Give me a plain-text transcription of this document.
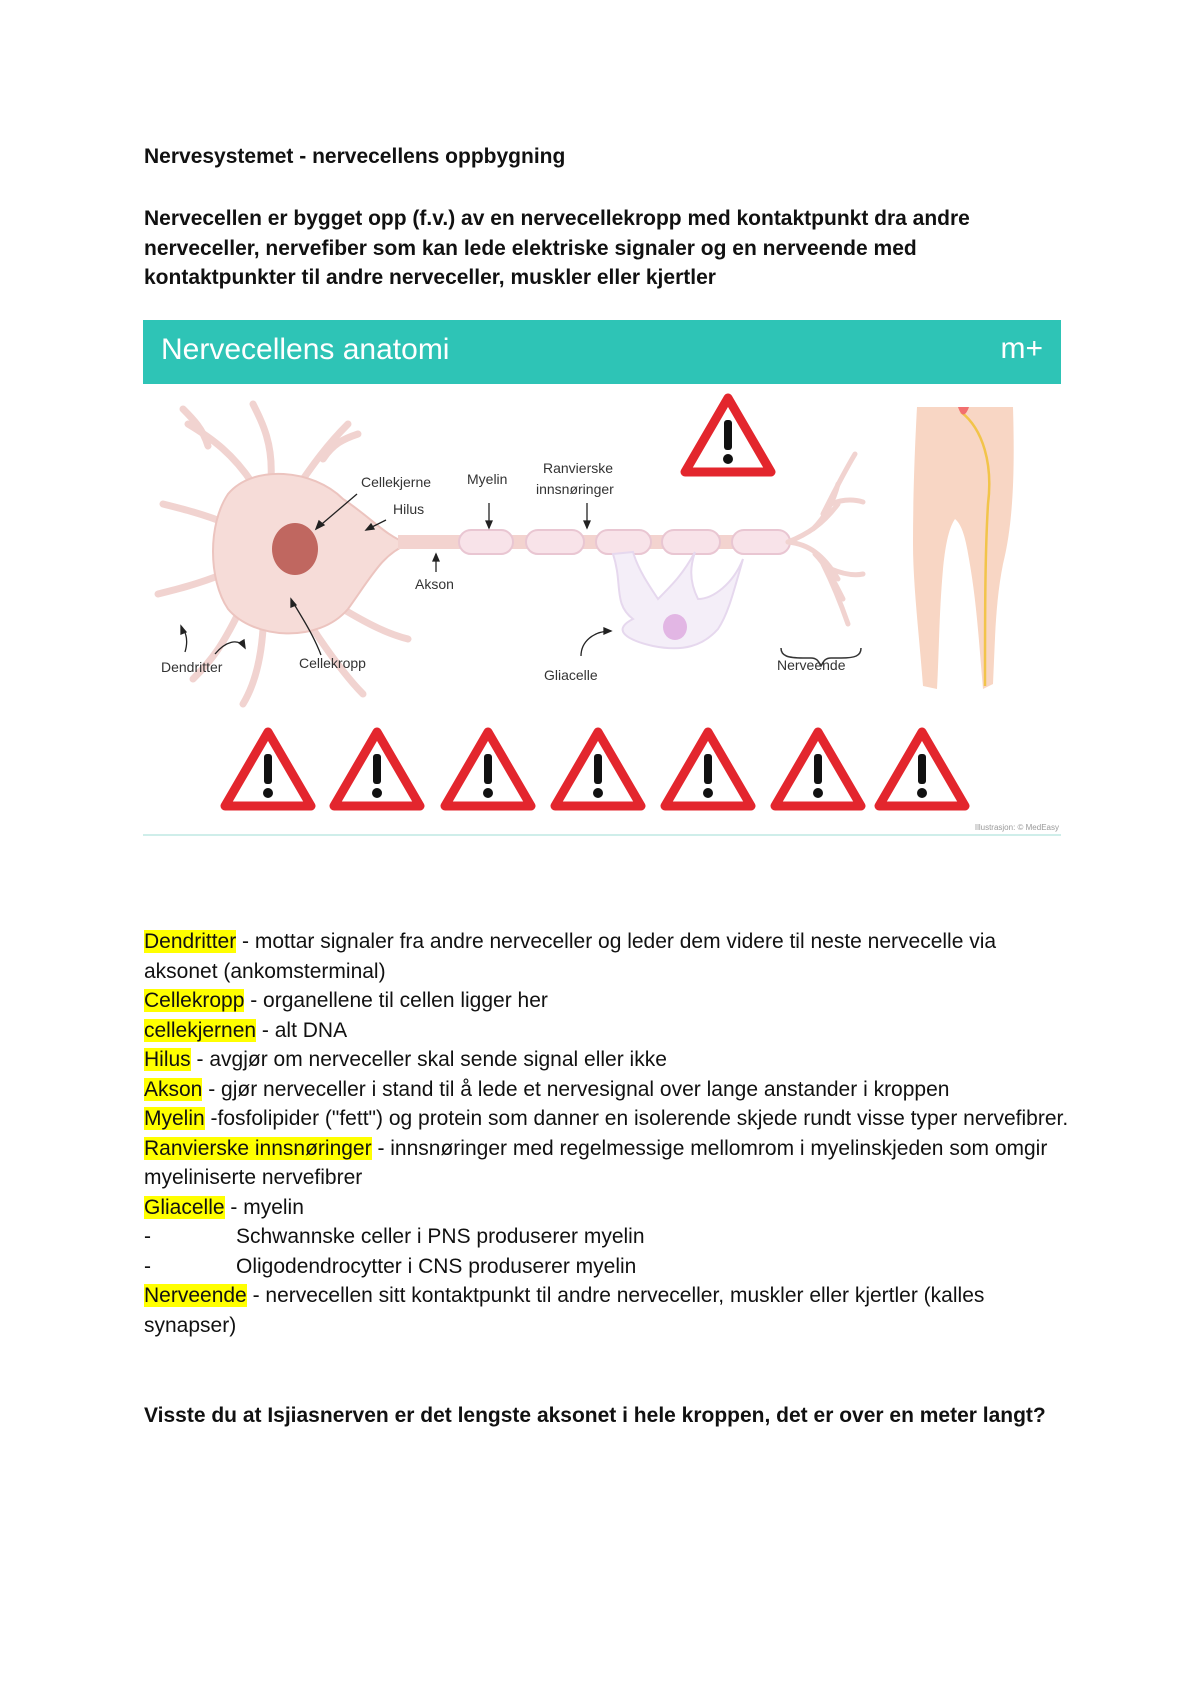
Nervesystemet - nervecellens oppbygning
Nervecellen er bygget opp (f.v.) av en nervecellekropp med kontaktpunkt dra andre nerveceller, nervefiber som kan lede elektriske signaler og en nerveende med kontaktpunkter til andre nerveceller, muskler eller kjertler
Nervecellens anatomi	m+
Cellekjerne
Hilus
Myelin
Ranvierske
innsnøringer
Akson
Dendritter	Cellekropp
Gliacelle
Nerveende
Illustrasjon: © MedEasy

Dendritter - mottar signaler fra andre nerveceller og leder dem videre til neste nervecelle via aksonet (ankomsterminal)

Cellekropp - organellene til cellen ligger her

cellekjernen - alt DNA

Hilus - avgjør om nerveceller skal sende signal eller ikke

Akson - gjør nerveceller i stand til å lede et nervesignal over lange anstander i kroppen

Myelin -fosfolipider ("fett") og protein som danner en isolerende skjede rundt visse typer nervefibrer.

Ranvierske innsnøringer - innsnøringer med regelmessige mellomrom i myelinskjeden som omgir myeliniserte nervefibrer

Gliacelle - myelin

-	Schwannske celler i PNS produserer myelin
-	Oligodendrocytter i CNS produserer myelin

Nerveende - nervecellen sitt kontaktpunkt til andre nerveceller, muskler eller kjertler (kalles synapser)

Visste du at Isjiasnerven er det lengste aksonet i hele kroppen, det er over en meter langt?
